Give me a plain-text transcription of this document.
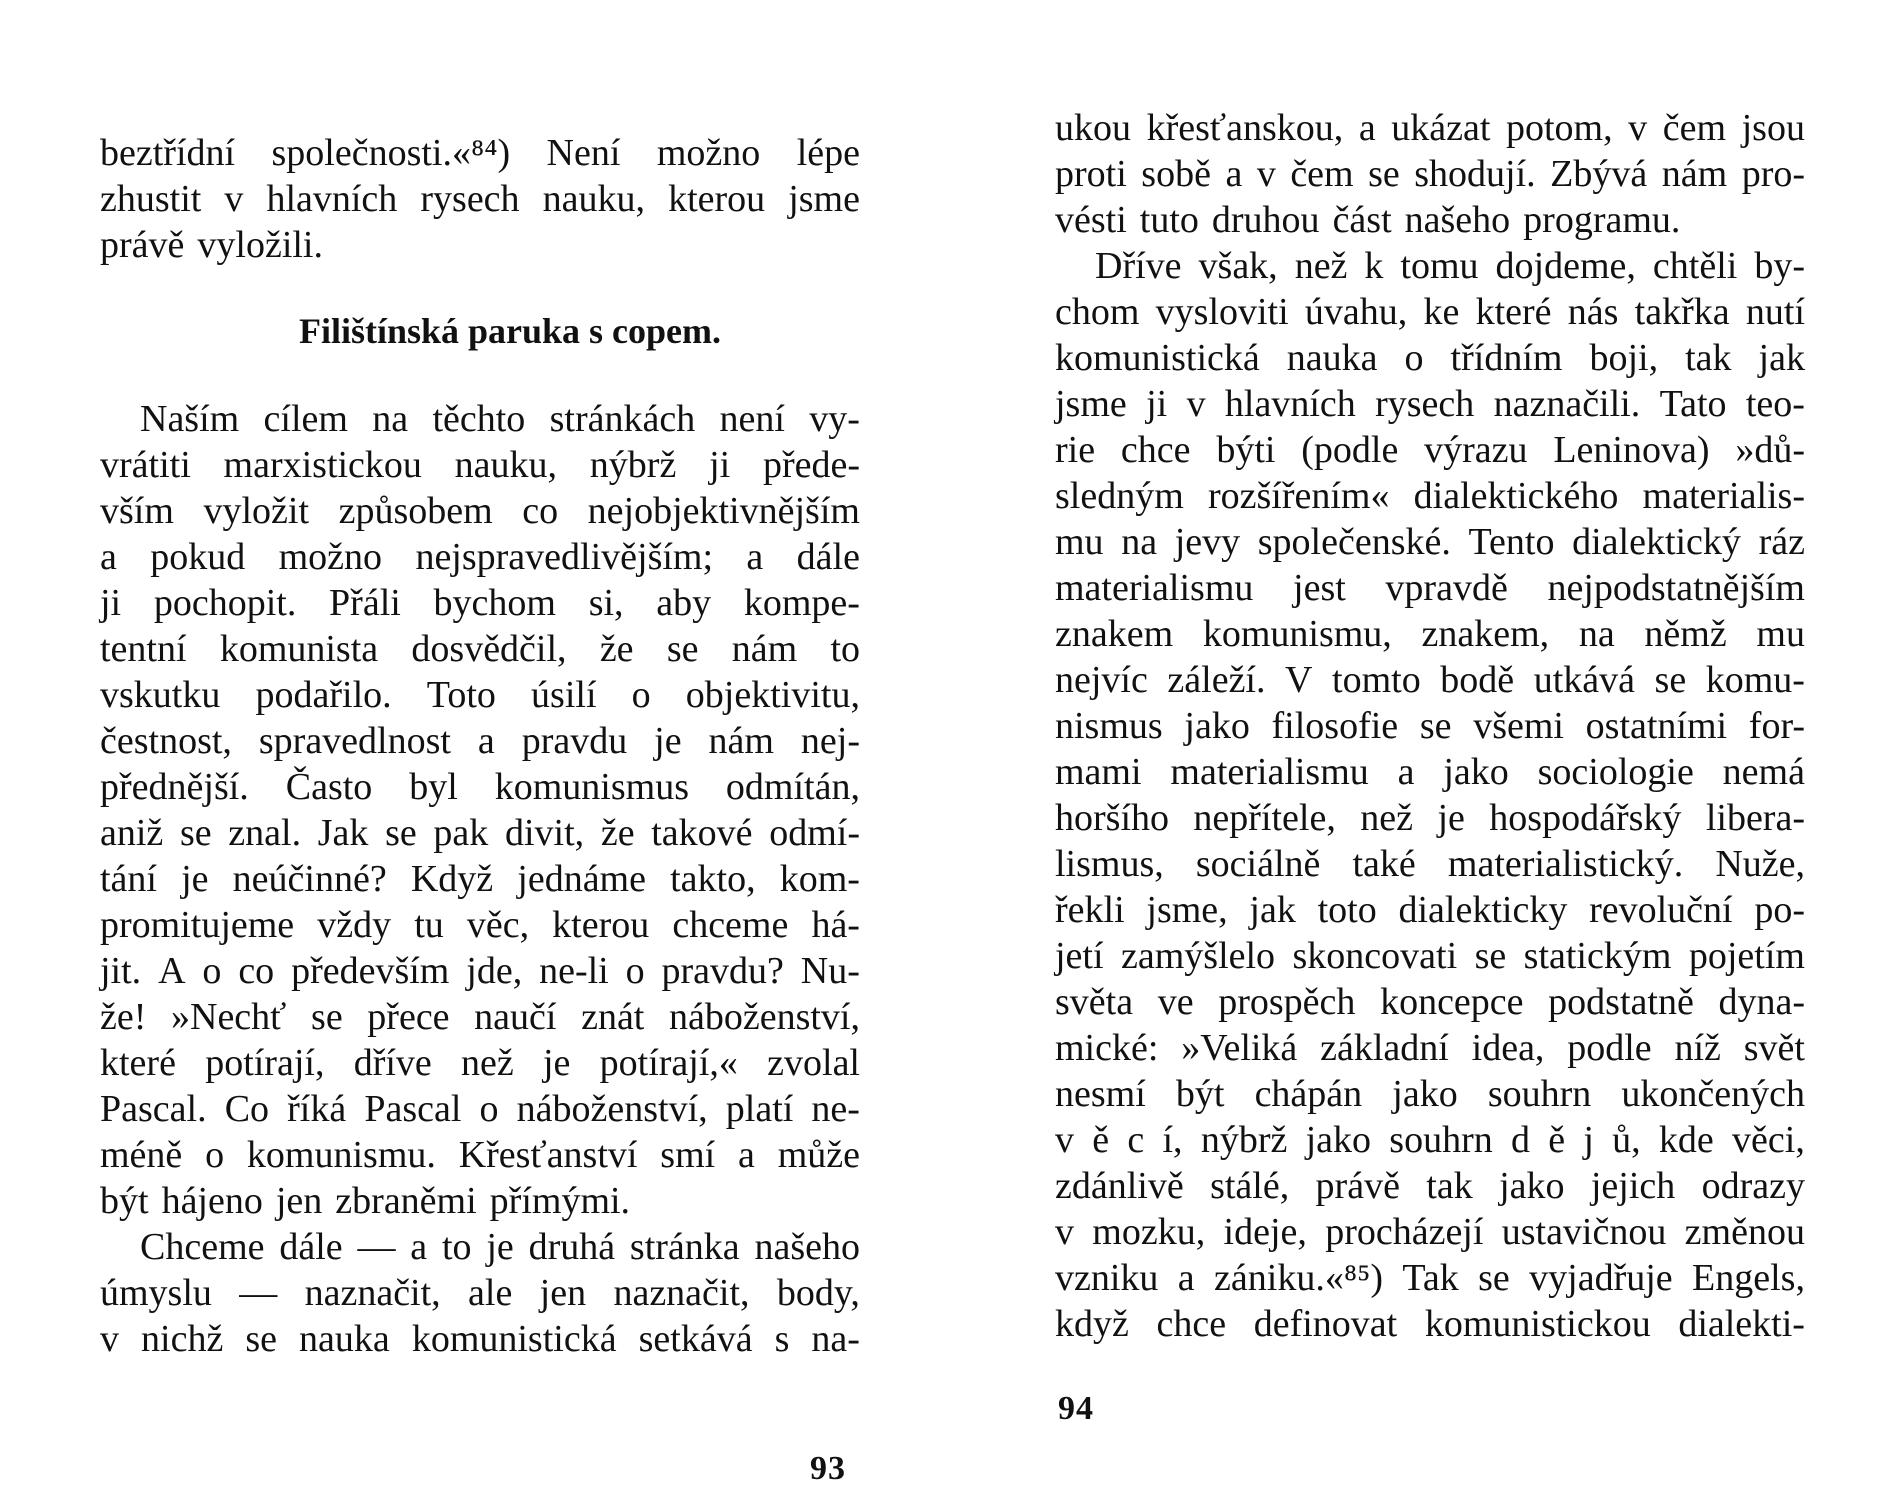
beztřídní společnosti.«⁸⁴) Není možno lépe
zhustit v hlavních rysech nauku, kterou jsme
právě vyložili.
Filištínská paruka s copem.
Naším cílem na těchto stránkách není vy-
vrátiti marxistickou nauku, nýbrž ji přede-
vším vyložit způsobem co nejobjektivnějším
a pokud možno nejspravedlivějším; a dále
ji pochopit. Přáli bychom si, aby kompe-
tentní komunista dosvědčil, že se nám to
vskutku podařilo. Toto úsilí o objektivitu,
čestnost, spravedlnost a pravdu je nám nej-
přednější. Často byl komunismus odmítán,
aniž se znal. Jak se pak divit, že takové odmí-
tání je neúčinné? Když jednáme takto, kom-
promitujeme vždy tu věc, kterou chceme há-
jit. A o co především jde, ne-li o pravdu? Nu-
že! »Nechť se přece naučí znát náboženství,
které potírají, dříve než je potírají,« zvolal
Pascal. Co říká Pascal o náboženství, platí ne-
méně o komunismu. Křesťanství smí a může
být hájeno jen zbraněmi přímými.
Chceme dále — a to je druhá stránka našeho
úmyslu — naznačit, ale jen naznačit, body,
v nichž se nauka komunistická setkává s na-
93
ukou křesťanskou, a ukázat potom, v čem jsou
proti sobě a v čem se shodují. Zbývá nám pro-
vésti tuto druhou část našeho programu.
Dříve však, než k tomu dojdeme, chtěli by-
chom vysloviti úvahu, ke které nás takřka nutí
komunistická nauka o třídním boji, tak jak
jsme ji v hlavních rysech naznačili. Tato teo-
rie chce býti (podle výrazu Leninova) »dů-
sledným rozšířením« dialektického materialis-
mu na jevy společenské. Tento dialektický ráz
materialismu jest vpravdě nejpodstatnějším
znakem komunismu, znakem, na němž mu
nejvíc záleží. V tomto bodě utkává se komu-
nismus jako filosofie se všemi ostatními for-
mami materialismu a jako sociologie nemá
horšího nepřítele, než je hospodářský libera-
lismus, sociálně také materialistický. Nuže,
řekli jsme, jak toto dialekticky revoluční po-
jetí zamýšlelo skoncovati se statickým pojetím
světa ve prospěch koncepce podstatně dyna-
mické: »Veliká základní idea, podle níž svět
nesmí být chápán jako souhrn ukončených
v ě c í, nýbrž jako souhrn d ě j ů, kde věci,
zdánlivě stálé, právě tak jako jejich odrazy
v mozku, ideje, procházejí ustavičnou změnou
vzniku a zániku.«⁸⁵) Tak se vyjadřuje Engels,
když chce definovat komunistickou dialekti-
94
